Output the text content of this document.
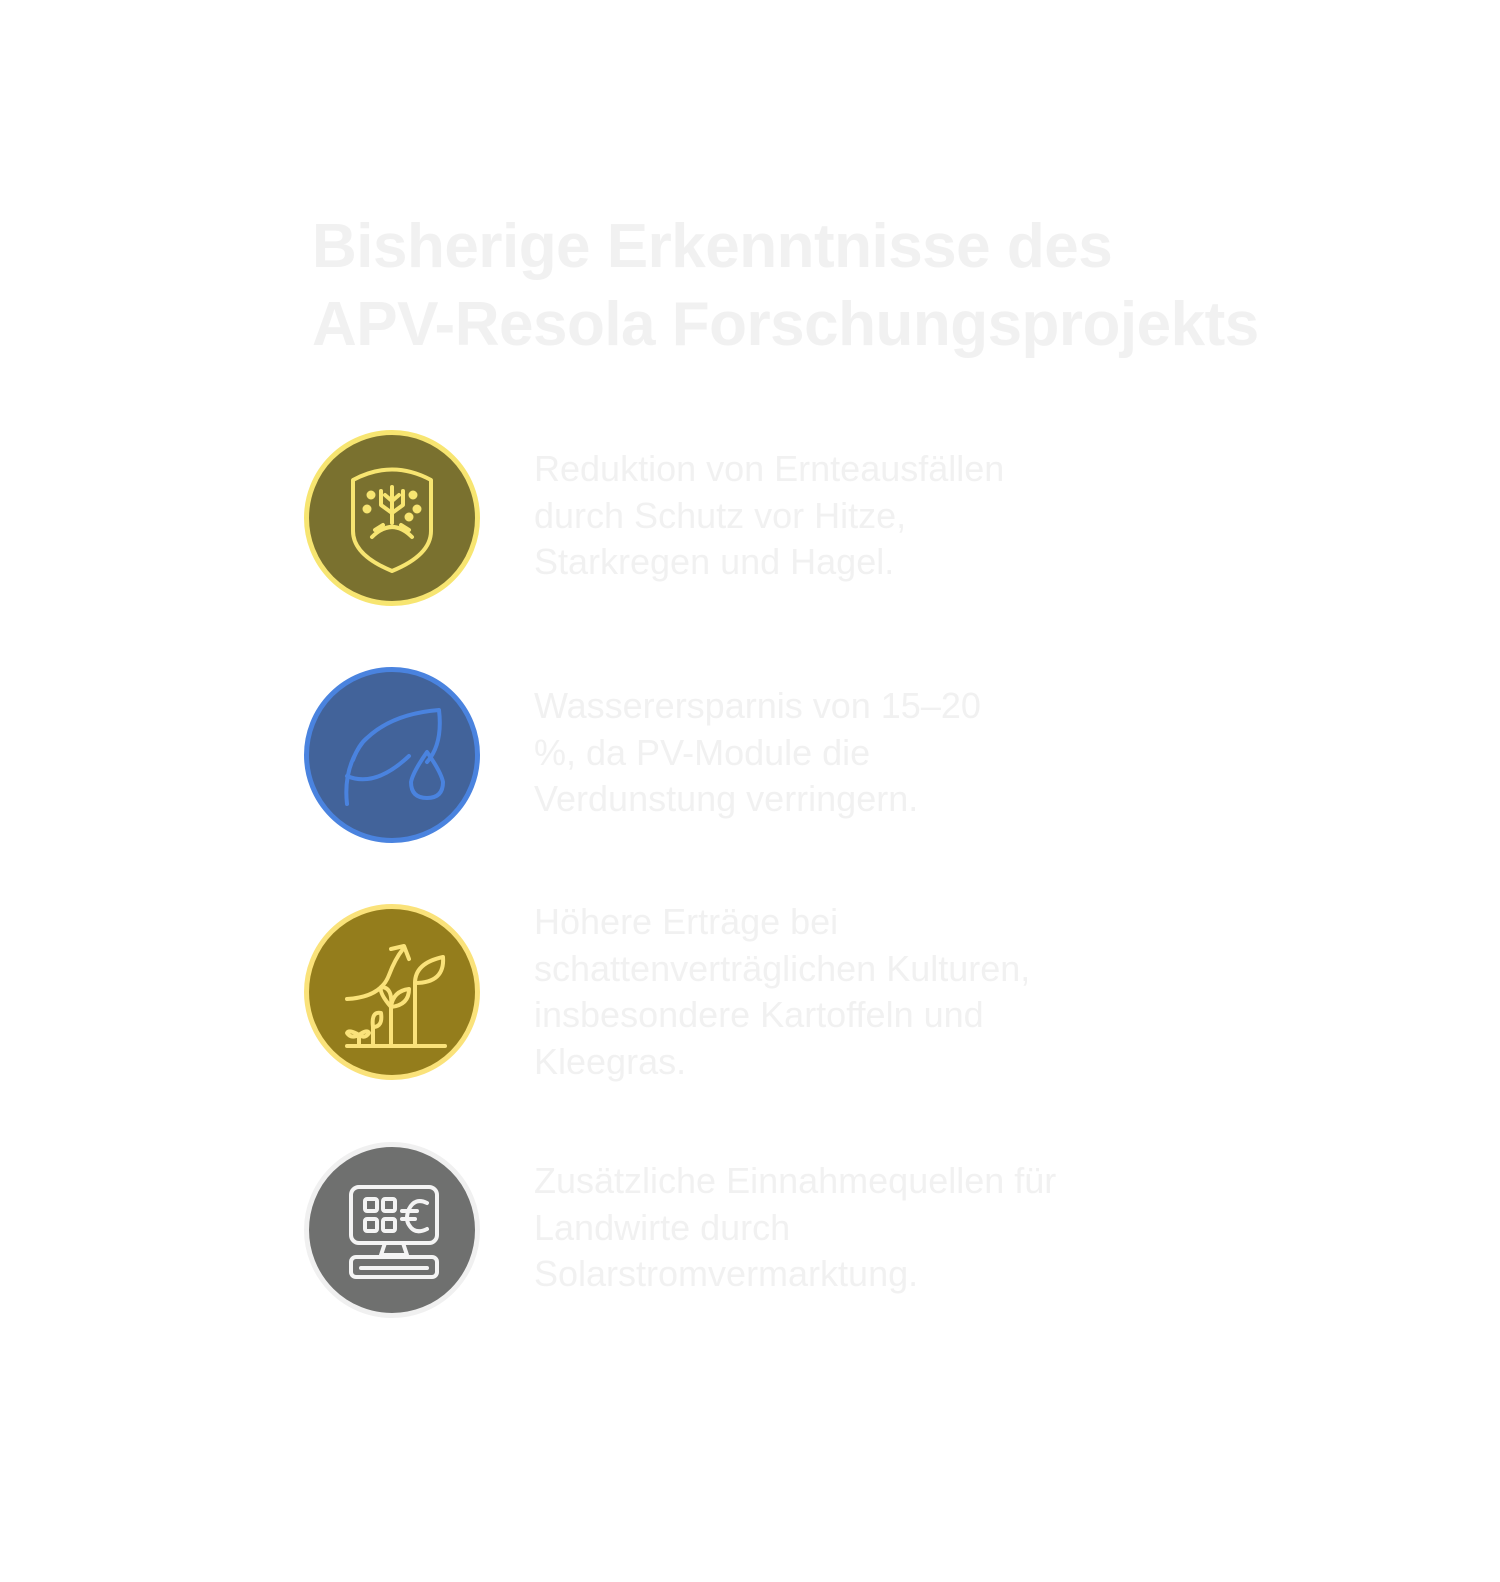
Bisherige Erkenntnisse des
APV-Resola Forschungsprojekts

Reduktion von Ernteausfällen
durch Schutz vor Hitze,
Starkregen und Hagel.

Wasserersparnis von 15–20
%, da PV-Module die
Verdunstung verringern.

Höhere Erträge bei
schattenverträglichen Kulturen,
insbesondere Kartoffeln und
Kleegras.

Zusätzliche Einnahmequellen für
Landwirte durch
Solarstromvermarktung.
